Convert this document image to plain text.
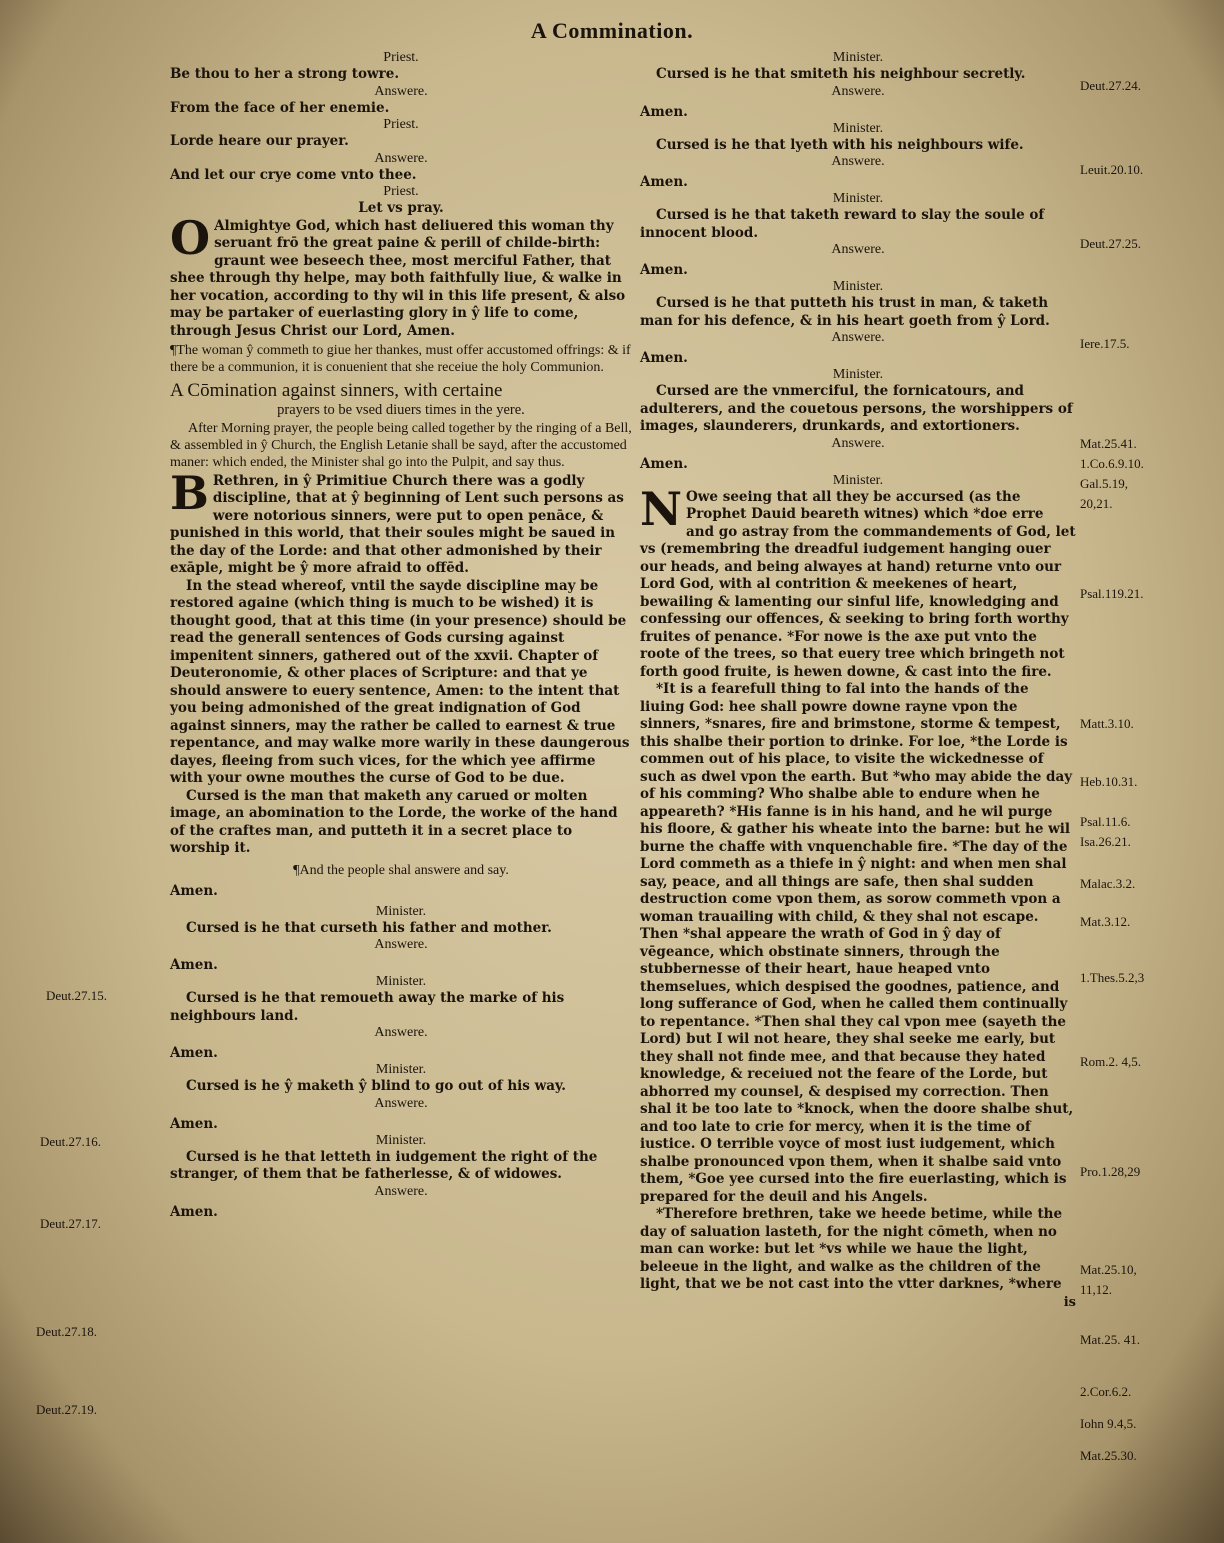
A Commination.
Priest.

Be thou to her a strong towre.

Answere.

From the face of her enemie.

Priest.

Lorde heare our prayer.

Answere.

And let our crye come vnto thee.

Priest.
Let vs pray.

O Almightye God, which hast deliuered this woman thy seruant frō the great paine & perill of childe-birth: graunt wee beseech thee, most merciful Father, that shee through thy helpe, may both faithfully liue, & walke in her vocation, according to thy wil in this life present, & also may be partaker of euerlasting glory in ŷ life to come, through Jesus Christ our Lord, Amen.

¶The woman ŷ commeth to giue her thankes, must offer accustomed offrings: & if there be a communion, it is conuenient that she receiue the holy Communion.

A Cōmination against sinners, with certaine
prayers to be vsed diuers times in the yere.

After Morning prayer, the people being called together by the ringing of a Bell, & assembled in ŷ Church, the English Letanie shall be sayd, after the accustomed maner: which ended, the Minister shal go into the Pulpit, and say thus.

B Rethren, in ŷ Primitiue Church there was a godly discipline, that at ŷ beginning of Lent such persons as were notorious sinners, were put to open penāce, & punished in this world, that their soules might be saued in the day of the Lorde: and that other admonished by their exāple, might be ŷ more afraid to offēd.

In the stead whereof, vntil the sayde discipline may be restored againe (which thing is much to be wished) it is thought good, that at this time (in your presence) should be read the generall sentences of Gods cursing against impenitent sinners, gathered out of the xxvii. Chapter of Deuteronomie, & other places of Scripture: and that ye should answere to euery sentence, Amen: to the intent that you being admonished of the great indignation of God against sinners, may the rather be called to earnest & true repentance, and may walke more warily in these daungerous dayes, fleeing from such vices, for the which yee affirme with your owne mouthes the curse of God to be due.

Cursed is the man that maketh any carued or molten image, an abomination to the Lorde, the worke of the hand of the craftes man, and putteth it in a secret place to worship it.

¶And the people shal answere and say.

Amen.
Minister.

Cursed is he that curseth his father and mother.

Answere.
Amen.
Minister.

Cursed is he that remoueth away the marke of his neighbours land.

Answere.
Amen.
Minister.

Cursed is he ŷ maketh ŷ blind to go out of his way.

Answere.
Amen.
Minister.

Cursed is he that letteth in iudgement the right of the stranger, of them that be fatherlesse, & of widowes.

Answere.
Amen.
Minister.

Cursed is he that smiteth his neighbour secretly.

Answere.
Amen.
Minister.

Cursed is he that lyeth with his neighbours wife.

Answere.
Amen.
Minister.

Cursed is he that taketh reward to slay the soule of innocent blood.

Answere.
Amen.
Minister.

Cursed is he that putteth his trust in man, & taketh man for his defence, & in his heart goeth from ŷ Lord.

Answere.
Amen.
Minister.

Cursed are the vnmerciful, the fornicatours, and adulterers, and the couetous persons, the worshippers of images, slaunderers, drunkards, and extortioners.

Answere.
Amen.
Minister.

N Owe seeing that all they be accursed (as the Prophet Dauid beareth witnes) which *doe erre and go astray from the commandements of God, let vs (remembring the dreadful iudgement hanging ouer our heads, and being alwayes at hand) returne vnto our Lord God, with al contrition & meekenes of heart, bewailing & lamenting our sinful life, knowledging and confessing our offences, & seeking to bring forth worthy fruites of penance. *For nowe is the axe put vnto the roote of the trees, so that euery tree which bringeth not forth good fruite, is hewen downe, & cast into the fire.

*It is a fearefull thing to fal into the hands of the liuing God: hee shall powre downe rayne vpon the sinners, *snares, fire and brimstone, storme & tempest, this shalbe their portion to drinke. For loe, *the Lorde is commen out of his place, to visite the wickednesse of such as dwel vpon the earth. But *who may abide the day of his comming? Who shalbe able to endure when he appeareth? *His fanne is in his hand, and he wil purge his floore, & gather his wheate into the barne: but he wil burne the chaffe with vnquenchable fire. *The day of the Lord commeth as a thiefe in ŷ night: and when men shal say, peace, and all things are safe, then shal sudden destruction come vpon them, as sorow commeth vpon a woman trauailing with child, & they shal not escape. Then *shal appeare the wrath of God in ŷ day of vēgeance, which obstinate sinners, through the stubbernesse of their heart, haue heaped vnto themselues, which despised the goodnes, patience, and long sufferance of God, when he called them continually to repentance. *Then shal they cal vpon mee (sayeth the Lord) but I wil not heare, they shal seeke me early, but they shall not finde mee, and that because they hated knowledge, & receiued not the feare of the Lorde, but abhorred my counsel, & despised my correction. Then shal it be too late to *knock, when the doore shalbe shut, and too late to crie for mercy, when it is the time of iustice. O terrible voyce of most iust iudgement, which shalbe pronounced vpon them, when it shalbe said vnto them, *Goe yee cursed into the fire euerlasting, which is prepared for the deuil and his Angels.

*Therefore brethren, take we heede betime, while the day of saluation lasteth, for the night cōmeth, when no man can worke: but let *vs while we haue the light, beleeue in the light, and walke as the children of the light, that we be not cast into the vtter darknes, *where

is
Deut.27.24.
Leuit.20.10.
Deut.27.25.
Iere.17.5.
Mat.25.41.
1.Co.6.9.10.
Gal.5.19,
20,21.
Psal.119.21.
Matt.3.10.
Heb.10.31.
Psal.11.6.
Isa.26.21.
Malac.3.2.
Mat.3.12.
1.Thes.5.2,3
Rom.2. 4,5.
Pro.1.28,29
Mat.25.10,
11,12.
Mat.25. 41.
2.Cor.6.2.
Iohn 9.4,5.
Mat.25.30.
Deut.27.15.
Deut.27.16.
Deut.27.17.
Deut.27.18.
Deut.27.19.
